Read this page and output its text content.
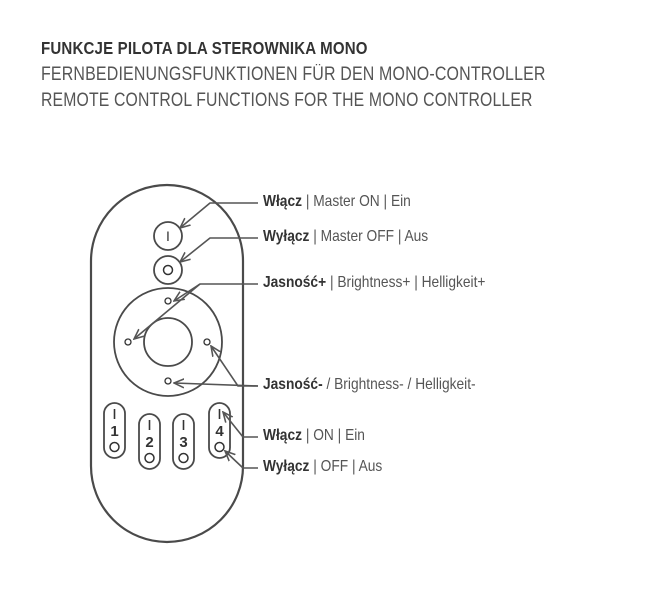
FUNKCJE PILOTA DLA STEROWNIKA MONO
FERNBEDIENUNGSFUNKTIONEN FÜR DEN MONO-CONTROLLER
REMOTE CONTROL FUNCTIONS FOR THE MONO CONTROLLER
I
1
2 3
4
Włącz | Master ON | Ein
Wyłącz | Master OFF | Aus
Jasność+ | Brightness+ | Helligkeit+
Jasność- / Brightness- / Helligkeit-
Włącz | ON | Ein
Wyłącz | OFF | Aus
